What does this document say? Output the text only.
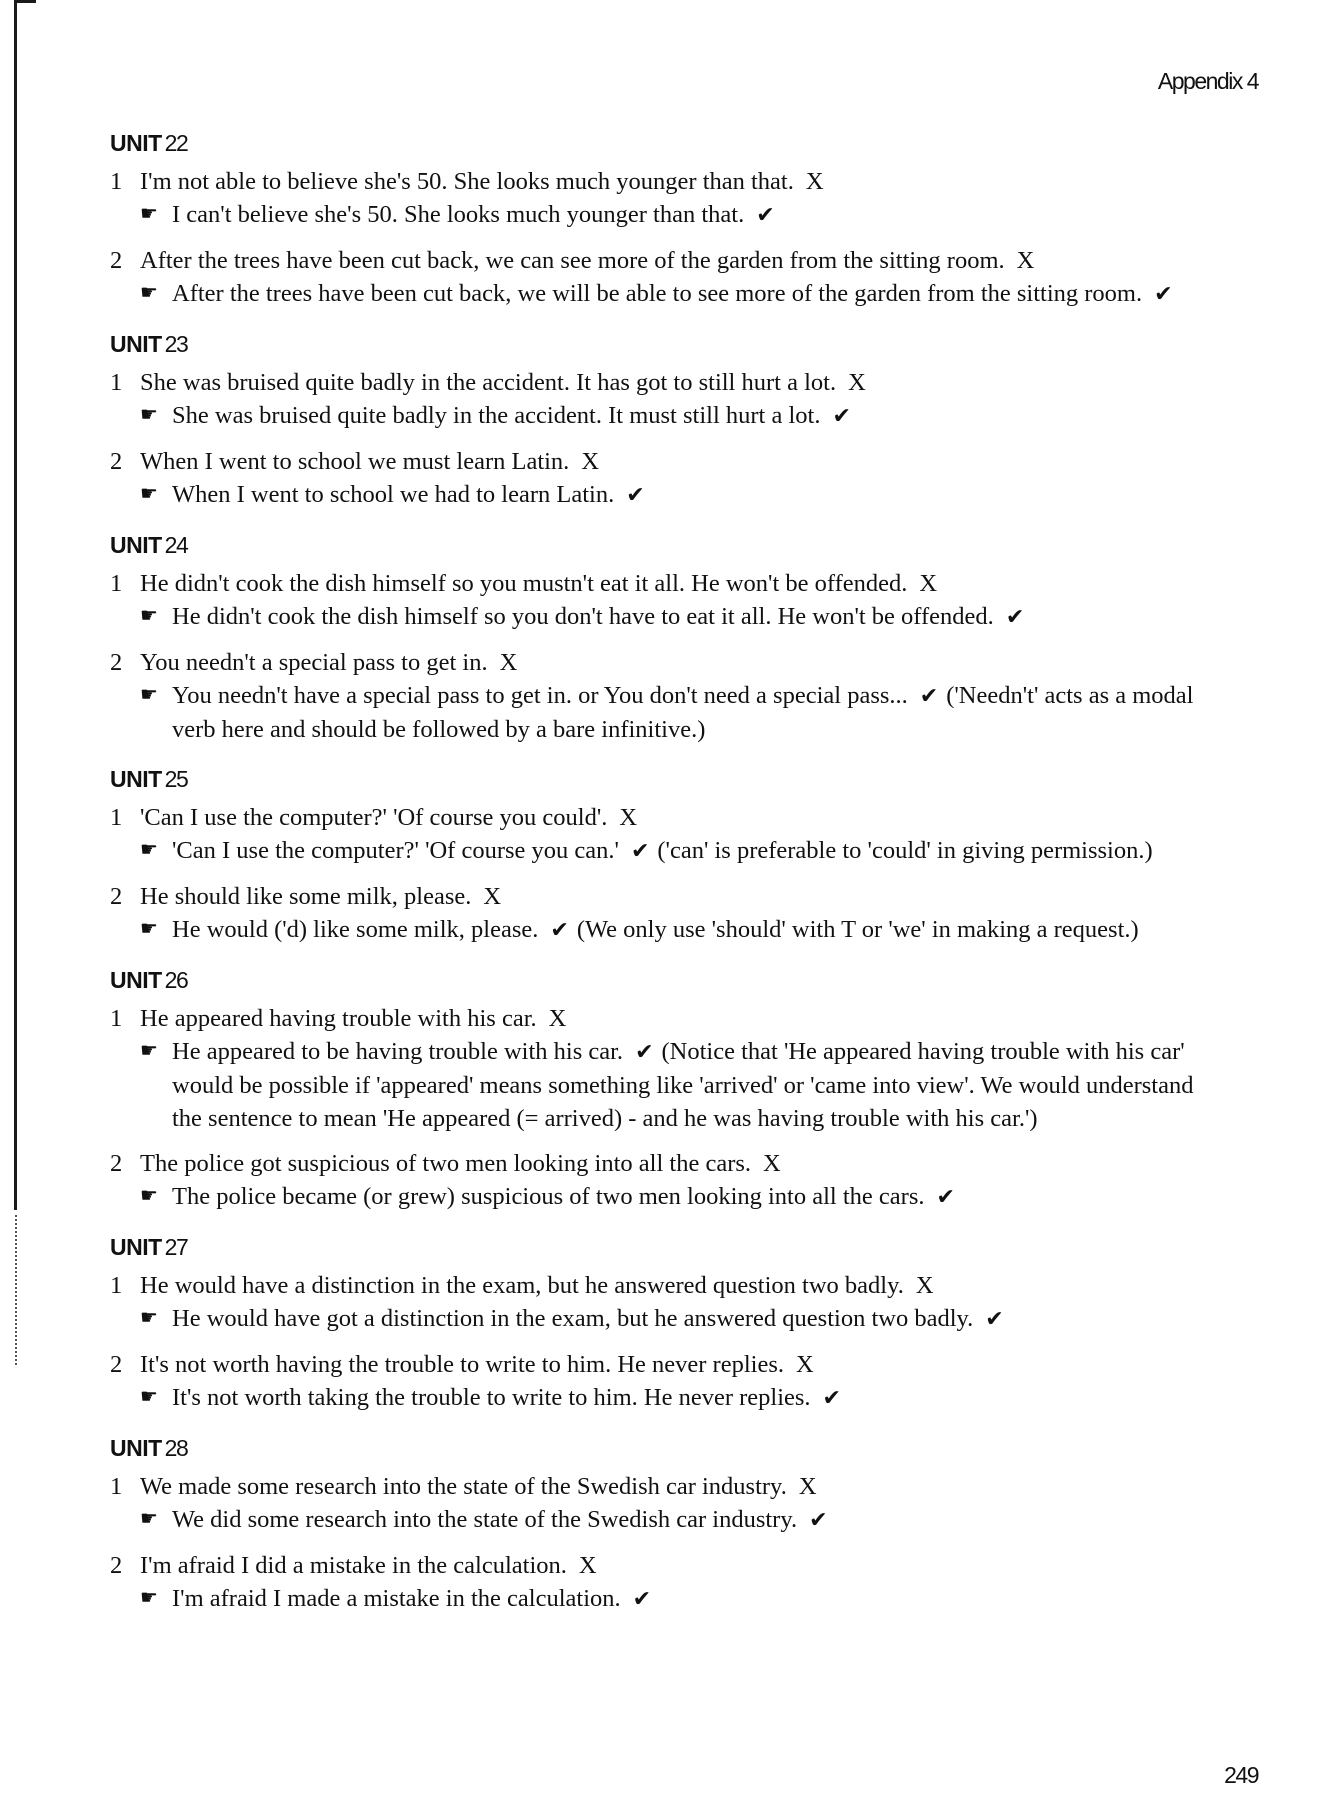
Appendix 4
UNIT 22
1 I'm not able to believe she's 50. She looks much younger than that. X
☛ I can't believe she's 50. She looks much younger than that. ✔
2 After the trees have been cut back, we can see more of the garden from the sitting room. X
☛ After the trees have been cut back, we will be able to see more of the garden from the sitting room. ✔
UNIT 23
1 She was bruised quite badly in the accident. It has got to still hurt a lot. X
☛ She was bruised quite badly in the accident. It must still hurt a lot. ✔
2 When I went to school we must learn Latin. X
☛ When I went to school we had to learn Latin. ✔
UNIT 24
1 He didn't cook the dish himself so you mustn't eat it all. He won't be offended. X
☛ He didn't cook the dish himself so you don't have to eat it all. He won't be offended. ✔
2 You needn't a special pass to get in. X
☛ You needn't have a special pass to get in. or You don't need a special pass... ✔ ('Needn't' acts as a modal verb here and should be followed by a bare infinitive.)
UNIT 25
1 'Can I use the computer?' 'Of course you could'. X
☛ 'Can I use the computer?' 'Of course you can.' ✔ ('can' is preferable to 'could' in giving permission.)
2 He should like some milk, please. X
☛ He would ('d) like some milk, please. ✔ (We only use 'should' with T or 'we' in making a request.)
UNIT 26
1 He appeared having trouble with his car. X
☛ He appeared to be having trouble with his car. ✔ (Notice that 'He appeared having trouble with his car' would be possible if 'appeared' means something like 'arrived' or 'came into view'. We would understand the sentence to mean 'He appeared (= arrived) - and he was having trouble with his car.')
2 The police got suspicious of two men looking into all the cars. X
☛ The police became (or grew) suspicious of two men looking into all the cars. ✔
UNIT 27
1 He would have a distinction in the exam, but he answered question two badly. X
☛ He would have got a distinction in the exam, but he answered question two badly. ✔
2 It's not worth having the trouble to write to him. He never replies. X
☛ It's not worth taking the trouble to write to him. He never replies. ✔
UNIT 28
1 We made some research into the state of the Swedish car industry. X
☛ We did some research into the state of the Swedish car industry. ✔
2 I'm afraid I did a mistake in the calculation. X
☛ I'm afraid I made a mistake in the calculation. ✔
249
